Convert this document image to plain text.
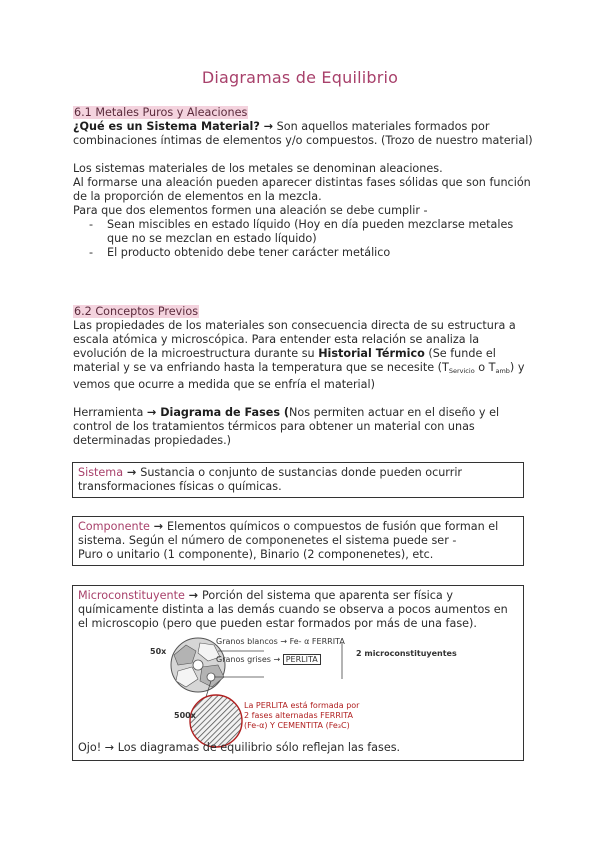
Diagramas de Equilibrio

6.1 Metales Puros y Aleaciones

¿Qué es un Sistema Material? → Son aquellos materiales formados por combinaciones íntimas de elementos y/o compuestos. (Trozo de nuestro material)

Los sistemas materiales de los metales se denominan aleaciones.

Al formarse una aleación pueden aparecer distintas fases sólidas que son función de la proporción de elementos en la mezcla.

Para que dos elementos formen una aleación se debe cumplir -

- Sean miscibles en estado líquido (Hoy en día pueden mezclarse metales que no se mezclan en estado líquido)
- El producto obtenido debe tener carácter metálico

6.2 Conceptos Previos

Las propiedades de los materiales son consecuencia directa de su estructura a escala atómica y microscópica. Para entender esta relación se analiza la evolución de la microestructura durante su Historial Térmico (Se funde el material y se va enfriando hasta la temperatura que se necesite ($T_{Servicio}$ o $T_{amb}$) y vemos que ocurre a medida que se enfría el material)

Herramienta → Diagrama de Fases (Nos permiten actuar en el diseño y el control de los tratamientos térmicos para obtener un material con unas determinadas propiedades.)

Sistema → Sustancia o conjunto de sustancias donde pueden ocurrir transformaciones físicas o químicas.
Componente → Elementos químicos o compuestos de fusión que forman el sistema. Según el número de componenetes el sistema puede ser -
Puro o unitario (1 componente), Binario (2 componenetes), etc.
Microconstituyente → Porción del sistema que aparenta ser física y químicamente distinta a las demás cuando se observa a pocos aumentos en el microscopio (pero que pueden estar formados por más de una fase).
50x
500x
Granos blancos → Fe- α FERRITA
Granos grises → PERLITA
2 microconstituyentes
La PERLITA está formada por
2 fases alternadas FERRITA
(Fe-α) Y CEMENTITA (Fe₃C)
Ojo! → Los diagramas de equilibrio sólo reflejan las fases.
